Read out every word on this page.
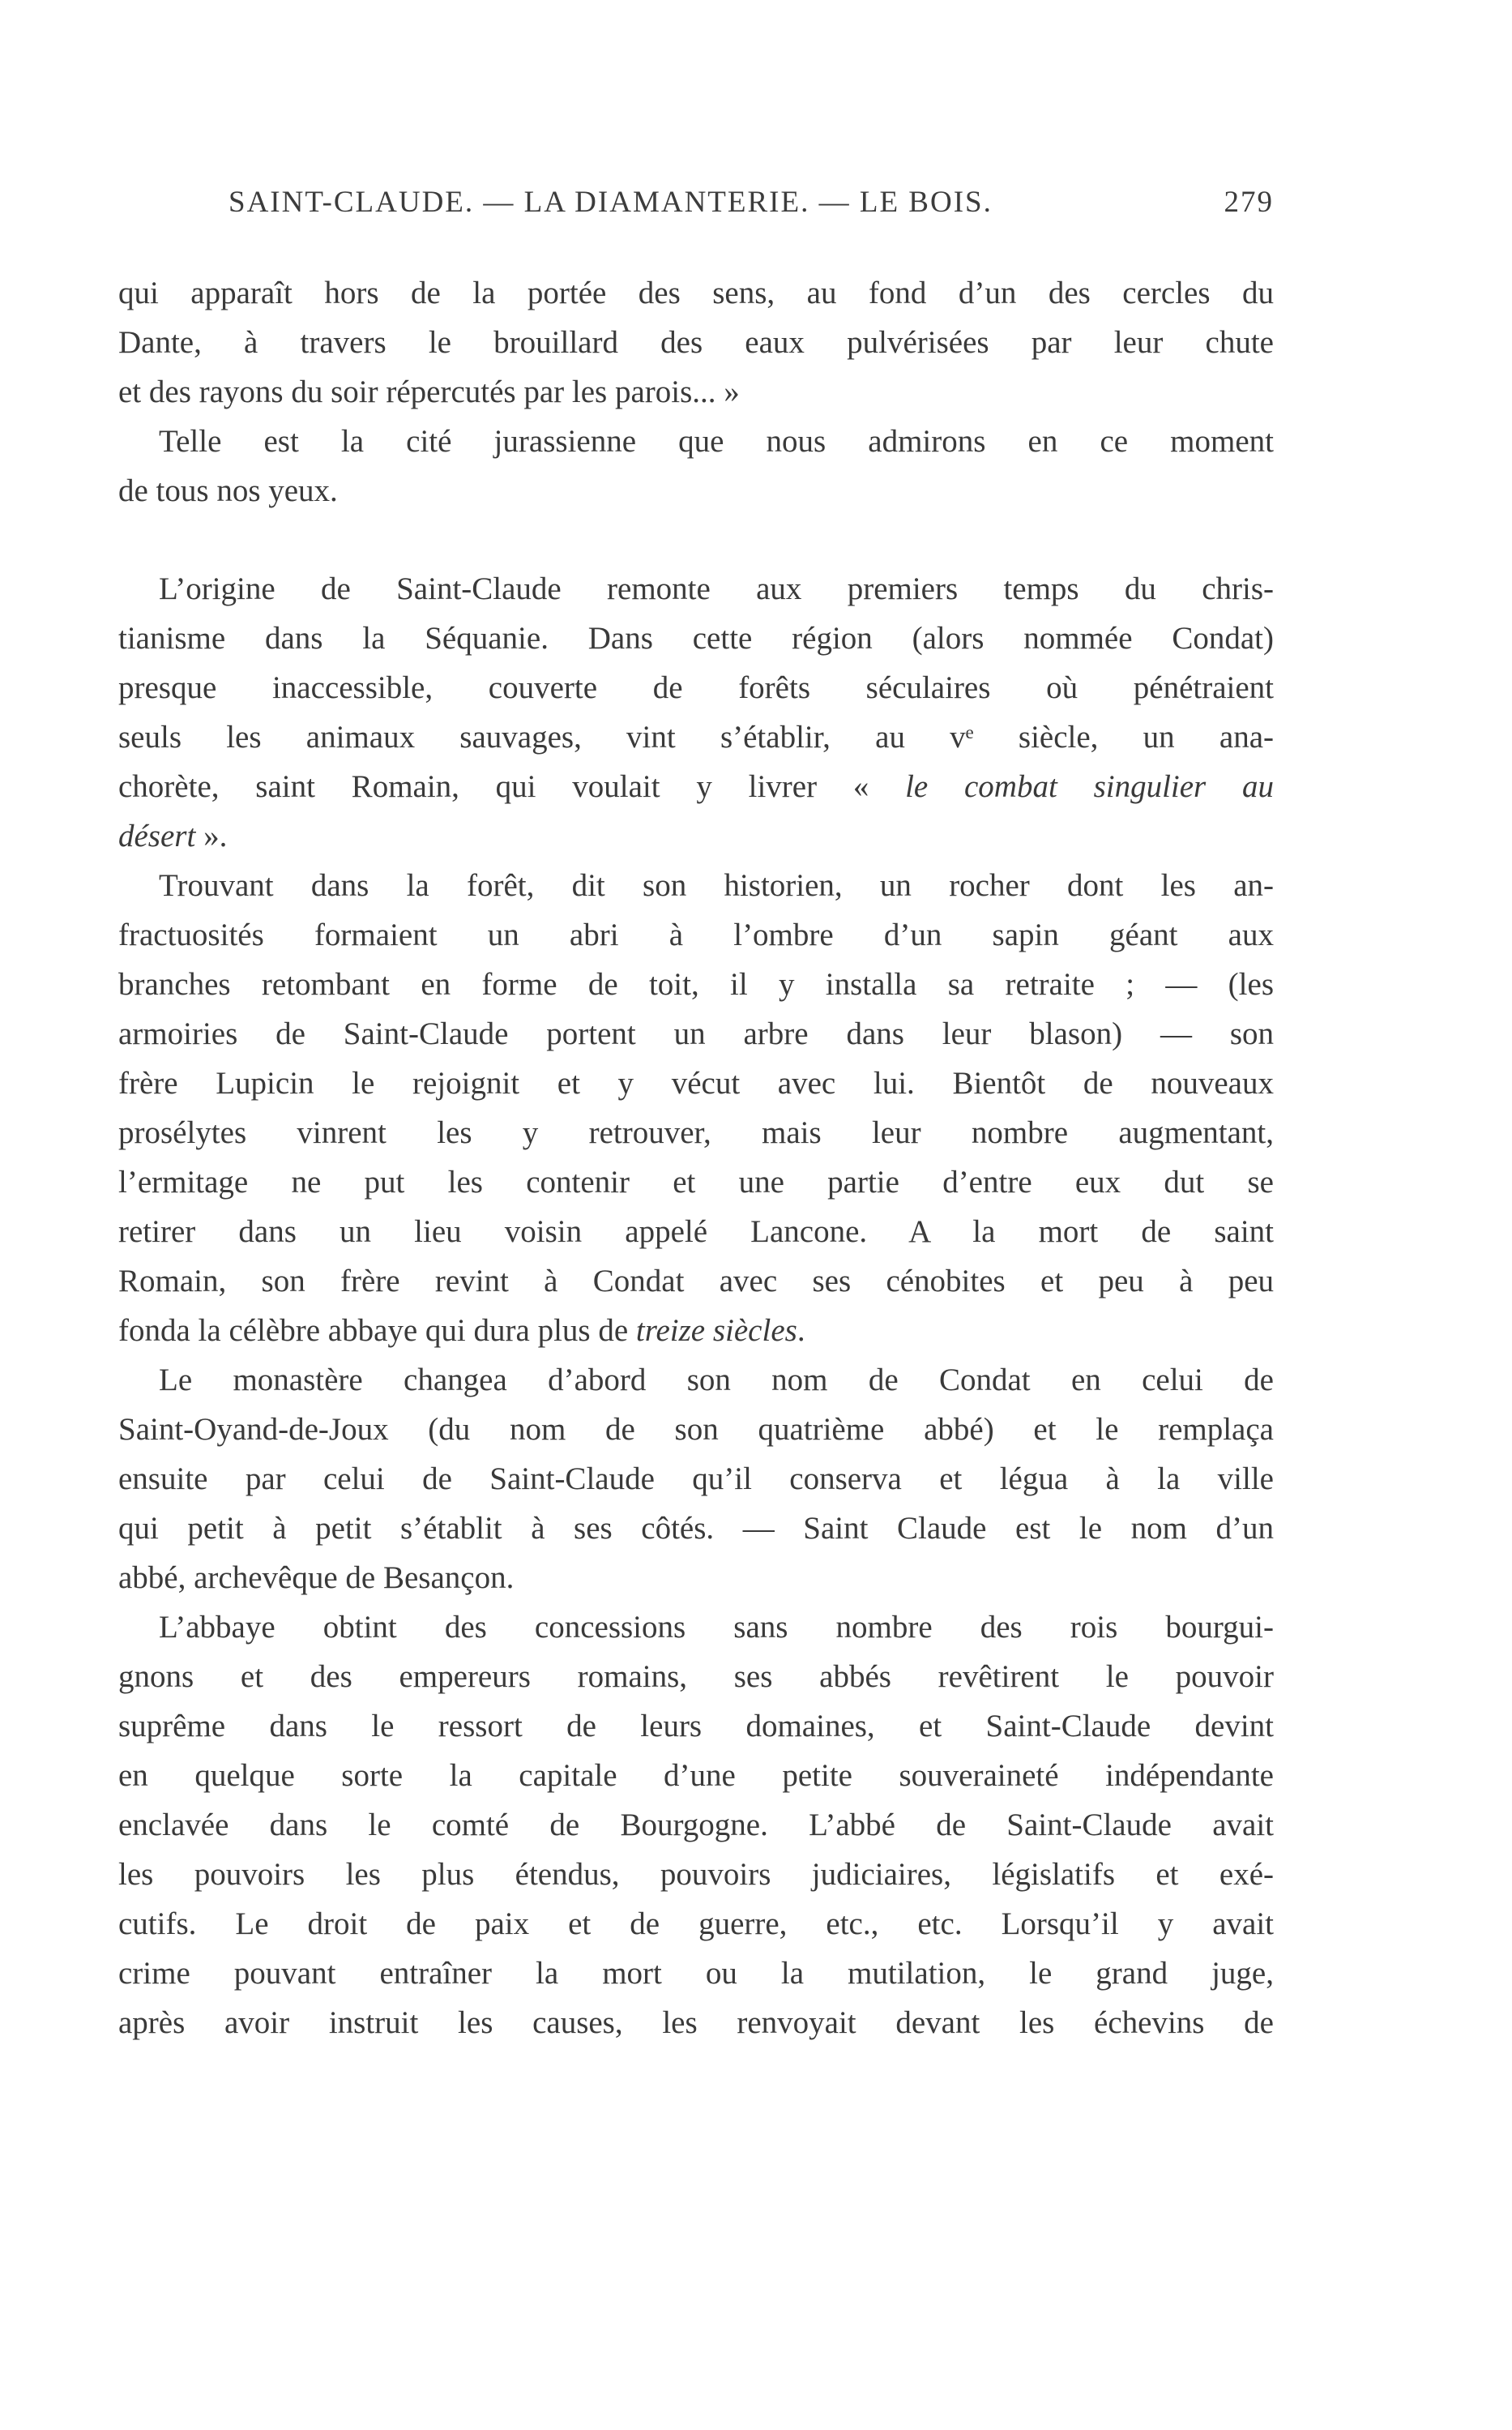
SAINT-CLAUDE. — LA DIAMANTERIE. — LE BOIS.	279
qui apparaît hors de la portée des sens, au fond d’un des cercles du
Dante, à travers le brouillard des eaux pulvérisées par leur chute
et des rayons du soir répercutés par les parois... »
Telle est la cité jurassienne que nous admirons en ce moment
de tous nos yeux.
L’origine de Saint-Claude remonte aux premiers temps du chris-
tianisme dans la Séquanie. Dans cette région (alors nommée Condat)
presque inaccessible, couverte de forêts séculaires où pénétraient
seuls les animaux sauvages, vint s’établir, au vᵉ siècle, un ana-
chorète, saint Romain, qui voulait y livrer « le combat singulier au
désert ».
Trouvant dans la forêt, dit son historien, un rocher dont les an-
fractuosités formaient un abri à l’ombre d’un sapin géant aux
branches retombant en forme de toit, il y installa sa retraite ; — (les
armoiries de Saint-Claude portent un arbre dans leur blason) — son
frère Lupicin le rejoignit et y vécut avec lui. Bientôt de nouveaux
prosélytes vinrent les y retrouver, mais leur nombre augmentant,
l’ermitage ne put les contenir et une partie d’entre eux dut se
retirer dans un lieu voisin appelé Lancone. A la mort de saint
Romain, son frère revint à Condat avec ses cénobites et peu à peu
fonda la célèbre abbaye qui dura plus de treize siècles.
Le monastère changea d’abord son nom de Condat en celui de
Saint-Oyand-de-Joux (du nom de son quatrième abbé) et le remplaça
ensuite par celui de Saint-Claude qu’il conserva et légua à la ville
qui petit à petit s’établit à ses côtés. — Saint Claude est le nom d’un
abbé, archevêque de Besançon.
L’abbaye obtint des concessions sans nombre des rois bourgui-
gnons et des empereurs romains, ses abbés revêtirent le pouvoir
suprême dans le ressort de leurs domaines, et Saint-Claude devint
en quelque sorte la capitale d’une petite souveraineté indépendante
enclavée dans le comté de Bourgogne. L’abbé de Saint-Claude avait
les pouvoirs les plus étendus, pouvoirs judiciaires, législatifs et exé-
cutifs. Le droit de paix et de guerre, etc., etc. Lorsqu’il y avait
crime pouvant entraîner la mort ou la mutilation, le grand juge,
après avoir instruit les causes, les renvoyait devant les échevins de
